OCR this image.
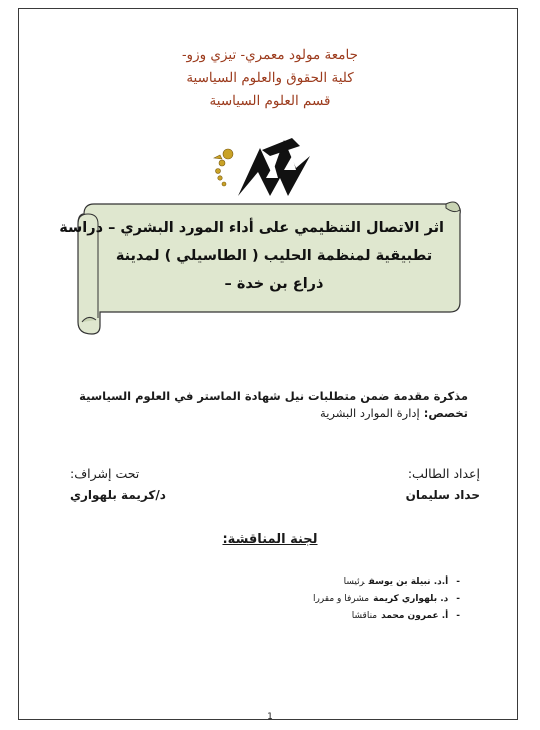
جامعة مولود معمري- تيزي وزو-
كلية الحقوق والعلوم السياسية
قسم العلوم السياسية
اثر الاتصال التنظيمي على أداء المورد البشري – دراسة
تطبيقية لمنظمة الحليب ( الطاسيلي ) لمدينة
ذراع بن خدة –
مذكرة مقدمة ضمن متطلبات نيل شهادة الماستر في العلوم السياسية
تخصص: إدارة الموارد البشرية
إعداد الطالب:
تحت إشراف:
حداد سليمان
د/كريمة بلهواري
لجنة المناقشة:
-أ.د. نبيلة بن يوسفرئيسا
-د. بلهواري كريمةمشرفا و مقررا
-أ. عمرون محمدمناقشا
1
